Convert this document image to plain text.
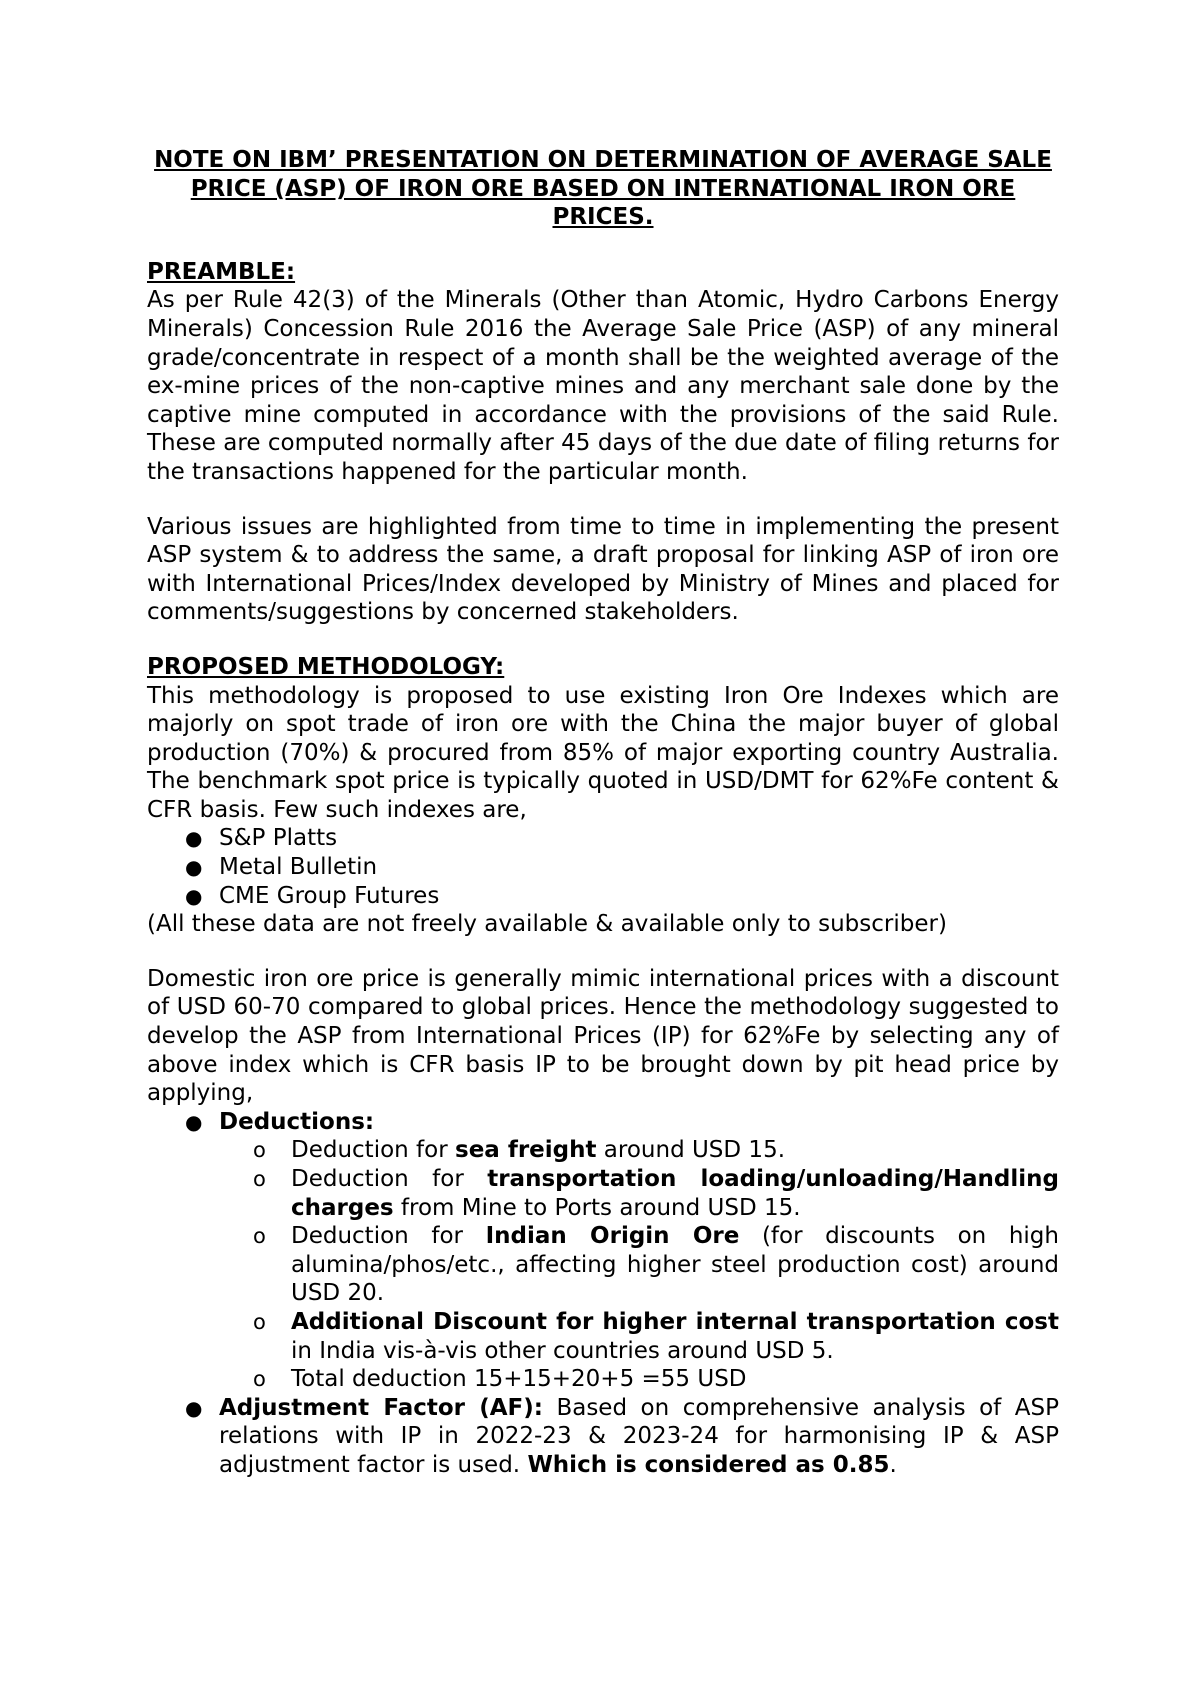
NOTE ON IBM’ PRESENTATION ON DETERMINATION OF AVERAGE SALE PRICE (ASP) OF IRON ORE BASED ON INTERNATIONAL IRON ORE PRICES.

PREAMBLE:

As per Rule 42(3) of the Minerals (Other than Atomic, Hydro Carbons Energy Minerals) Concession Rule 2016 the Average Sale Price (ASP) of any mineral grade/concentrate in respect of a month shall be the weighted average of the ex-mine prices of the non-captive mines and any merchant sale done by the captive mine computed in accordance with the provisions of the said Rule. These are computed normally after 45 days of the due date of filing returns for the transactions happened for the particular month.

Various issues are highlighted from time to time in implementing the present ASP system & to address the same, a draft proposal for linking ASP of iron ore with International Prices/Index developed by Ministry of Mines and placed for comments/suggestions by concerned stakeholders.

PROPOSED METHODOLOGY:

This methodology is proposed to use existing Iron Ore Indexes which are majorly on spot trade of iron ore with the China the major buyer of global production (70%) & procured from 85% of major exporting country Australia. The benchmark spot price is typically quoted in USD/DMT for 62%Fe content & CFR basis. Few such indexes are,

● S&P Platts
● Metal Bulletin
● CME Group Futures

(All these data are not freely available & available only to subscriber)

Domestic iron ore price is generally mimic international prices with a discount of USD 60-70 compared to global prices. Hence the methodology suggested to develop the ASP from International Prices (IP) for 62%Fe by selecting any of above index which is CFR basis IP to be brought down by pit head price by applying,

● Deductions:
o Deduction for sea freight around USD 15.
o Deduction for transportation loading/unloading/Handling charges from Mine to Ports around USD 15.
o Deduction for Indian Origin Ore (for discounts on high alumina/phos/etc., affecting higher steel production cost) around USD 20.
o Additional Discount for higher internal transportation cost in India vis-à-vis other countries around USD 5.
o Total deduction 15+15+20+5 =55 USD
● Adjustment Factor (AF): Based on comprehensive analysis of ASP relations with IP in 2022-23 & 2023-24 for harmonising IP & ASP adjustment factor is used. Which is considered as 0.85.
